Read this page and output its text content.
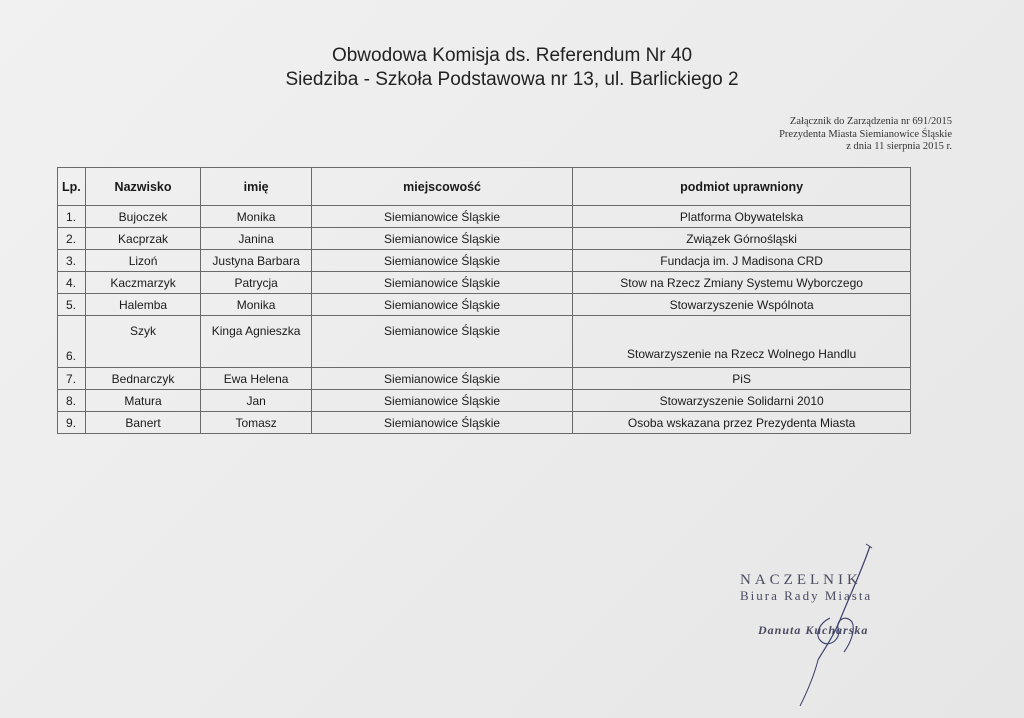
Obwodowa Komisja ds. Referendum Nr 40
Siedziba - Szkoła Podstawowa nr 13, ul. Barlickiego 2
Załącznik do Zarządzenia nr 691/2015
Prezydenta Miasta Siemianowice Śląskie
z dnia 11 sierpnia 2015 r.
Lp.	Nazwisko	imię	miejscowość	podmiot uprawniony
1.	Bujoczek	Monika	Siemianowice Śląskie	Platforma Obywatelska
2.	Kacprzak	Janina	Siemianowice Śląskie	Związek Górnośląski
3.	Lizoń	Justyna Barbara	Siemianowice Śląskie	Fundacja im. J Madisona CRD
4.	Kaczmarzyk	Patrycja	Siemianowice Śląskie	Stow na Rzecz Zmiany Systemu Wyborczego
5.	Halemba	Monika	Siemianowice Śląskie	Stowarzyszenie Wspólnota
6.	Szyk	Kinga Agnieszka	Siemianowice Śląskie	Stowarzyszenie na Rzecz Wolnego Handlu
7.	Bednarczyk	Ewa Helena	Siemianowice Śląskie	PiS
8.	Matura	Jan	Siemianowice Śląskie	Stowarzyszenie Solidarni 2010
9.	Banert	Tomasz	Siemianowice Śląskie	Osoba wskazana przez Prezydenta Miasta
NACZELNIK
Biura Rady Miasta
Danuta Kucharska
